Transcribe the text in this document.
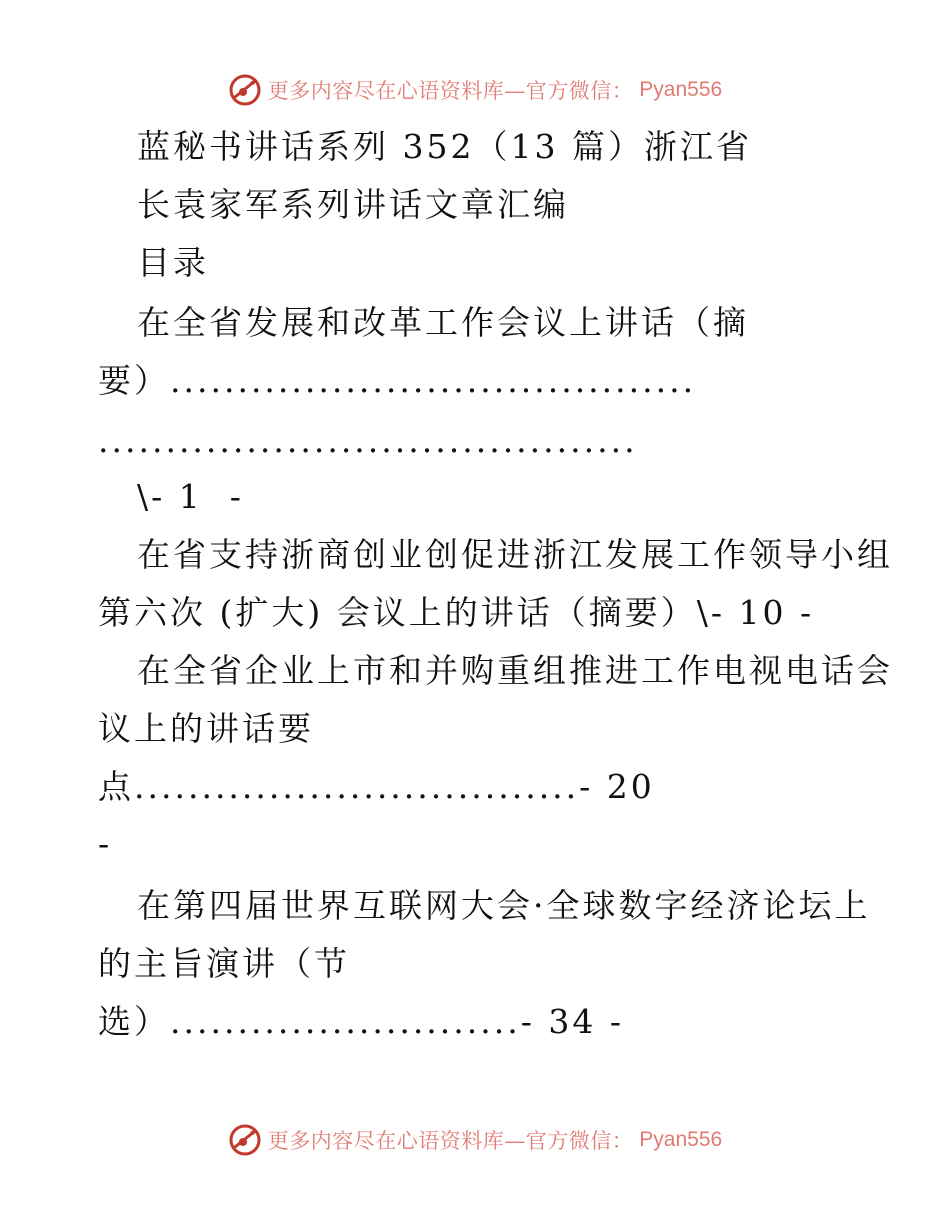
更多内容尽在心语资料库—官方微信： Pyan556
蓝秘书讲话系列 352（13 篇）浙江省
长袁家军系列讲话文章汇编
目录
在全省发展和改革工作会议上讲话（摘
要）.......................................
........................................
\- 1  -
在省支持浙商创业创促进浙江发展工作领导小组
第六次 (扩大) 会议上的讲话（摘要）\- 10 -
在全省企业上市和并购重组推进工作电视电话会
议上的讲话要
点.................................- 20
-
在第四届世界互联网大会·全球数字经济论坛上
的主旨演讲（节
选）..........................- 34 -
更多内容尽在心语资料库—官方微信： Pyan556
